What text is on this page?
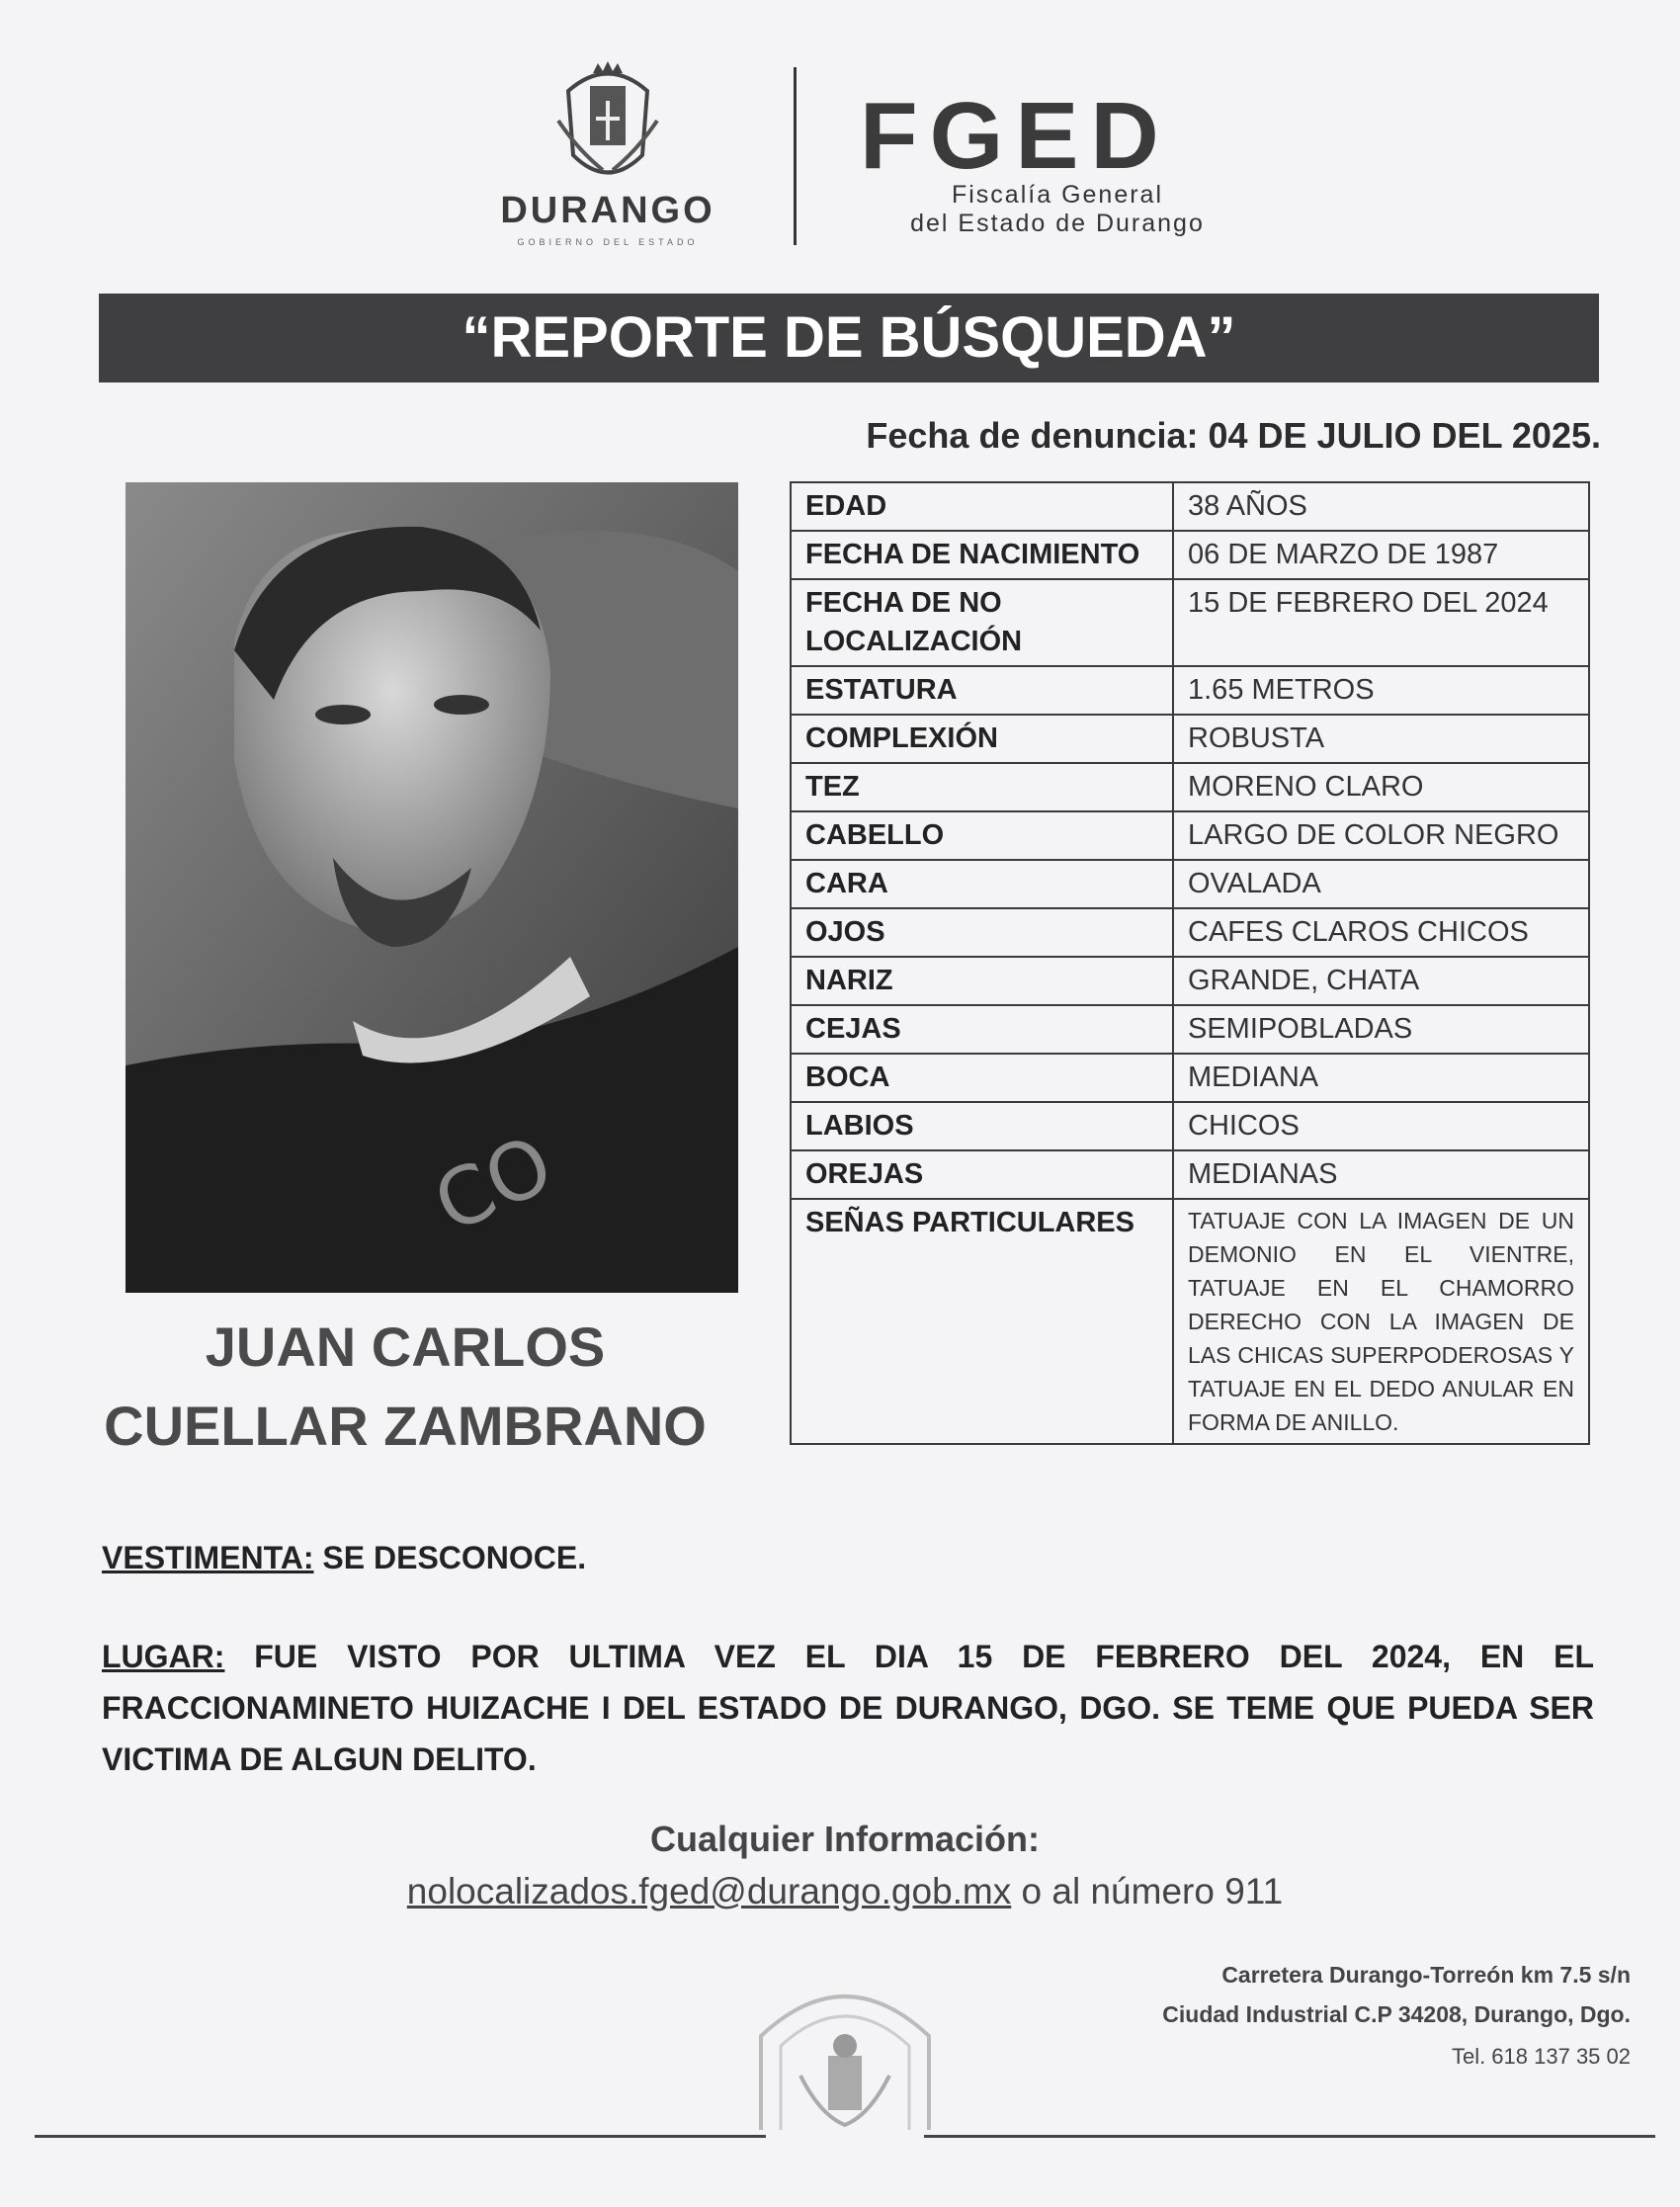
DURANGO
GOBIERNO DEL ESTADO
FGED
Fiscalía General
del Estado de Durango
“REPORTE DE BÚSQUEDA”
Fecha de denuncia: 04 DE JULIO DEL 2025.
CO
JUAN CARLOS
CUELLAR ZAMBRANO
EDAD	38 AÑOS
FECHA DE NACIMIENTO	06 DE MARZO DE 1987
FECHA DE NO LOCALIZACIÓN	15 DE FEBRERO DEL 2024
ESTATURA	1.65 METROS
COMPLEXIÓN	ROBUSTA
TEZ	MORENO CLARO
CABELLO	LARGO DE COLOR NEGRO
CARA	OVALADA
OJOS	CAFES CLAROS CHICOS
NARIZ	GRANDE, CHATA
CEJAS	SEMIPOBLADAS
BOCA	MEDIANA
LABIOS	CHICOS
OREJAS	MEDIANAS
SEÑAS PARTICULARES	TATUAJE CON LA IMAGEN DE UN DEMONIO EN EL VIENTRE, TATUAJE EN EL CHAMORRO DERECHO CON LA IMAGEN DE LAS CHICAS SUPERPODEROSAS Y TATUAJE EN EL DEDO ANULAR EN FORMA DE ANILLO.
VESTIMENTA: SE DESCONOCE.
LUGAR: FUE VISTO POR ULTIMA VEZ EL DIA 15 DE FEBRERO DEL 2024, EN EL FRACCIONAMINETO HUIZACHE I DEL ESTADO DE DURANGO, DGO. SE TEME QUE PUEDA SER VICTIMA DE ALGUN DELITO.
Cualquier Información:
nolocalizados.fged@durango.gob.mx o al número 911
Carretera Durango-Torreón km 7.5 s/n
Ciudad Industrial C.P 34208, Durango, Dgo.
Tel. 618 137 35 02
